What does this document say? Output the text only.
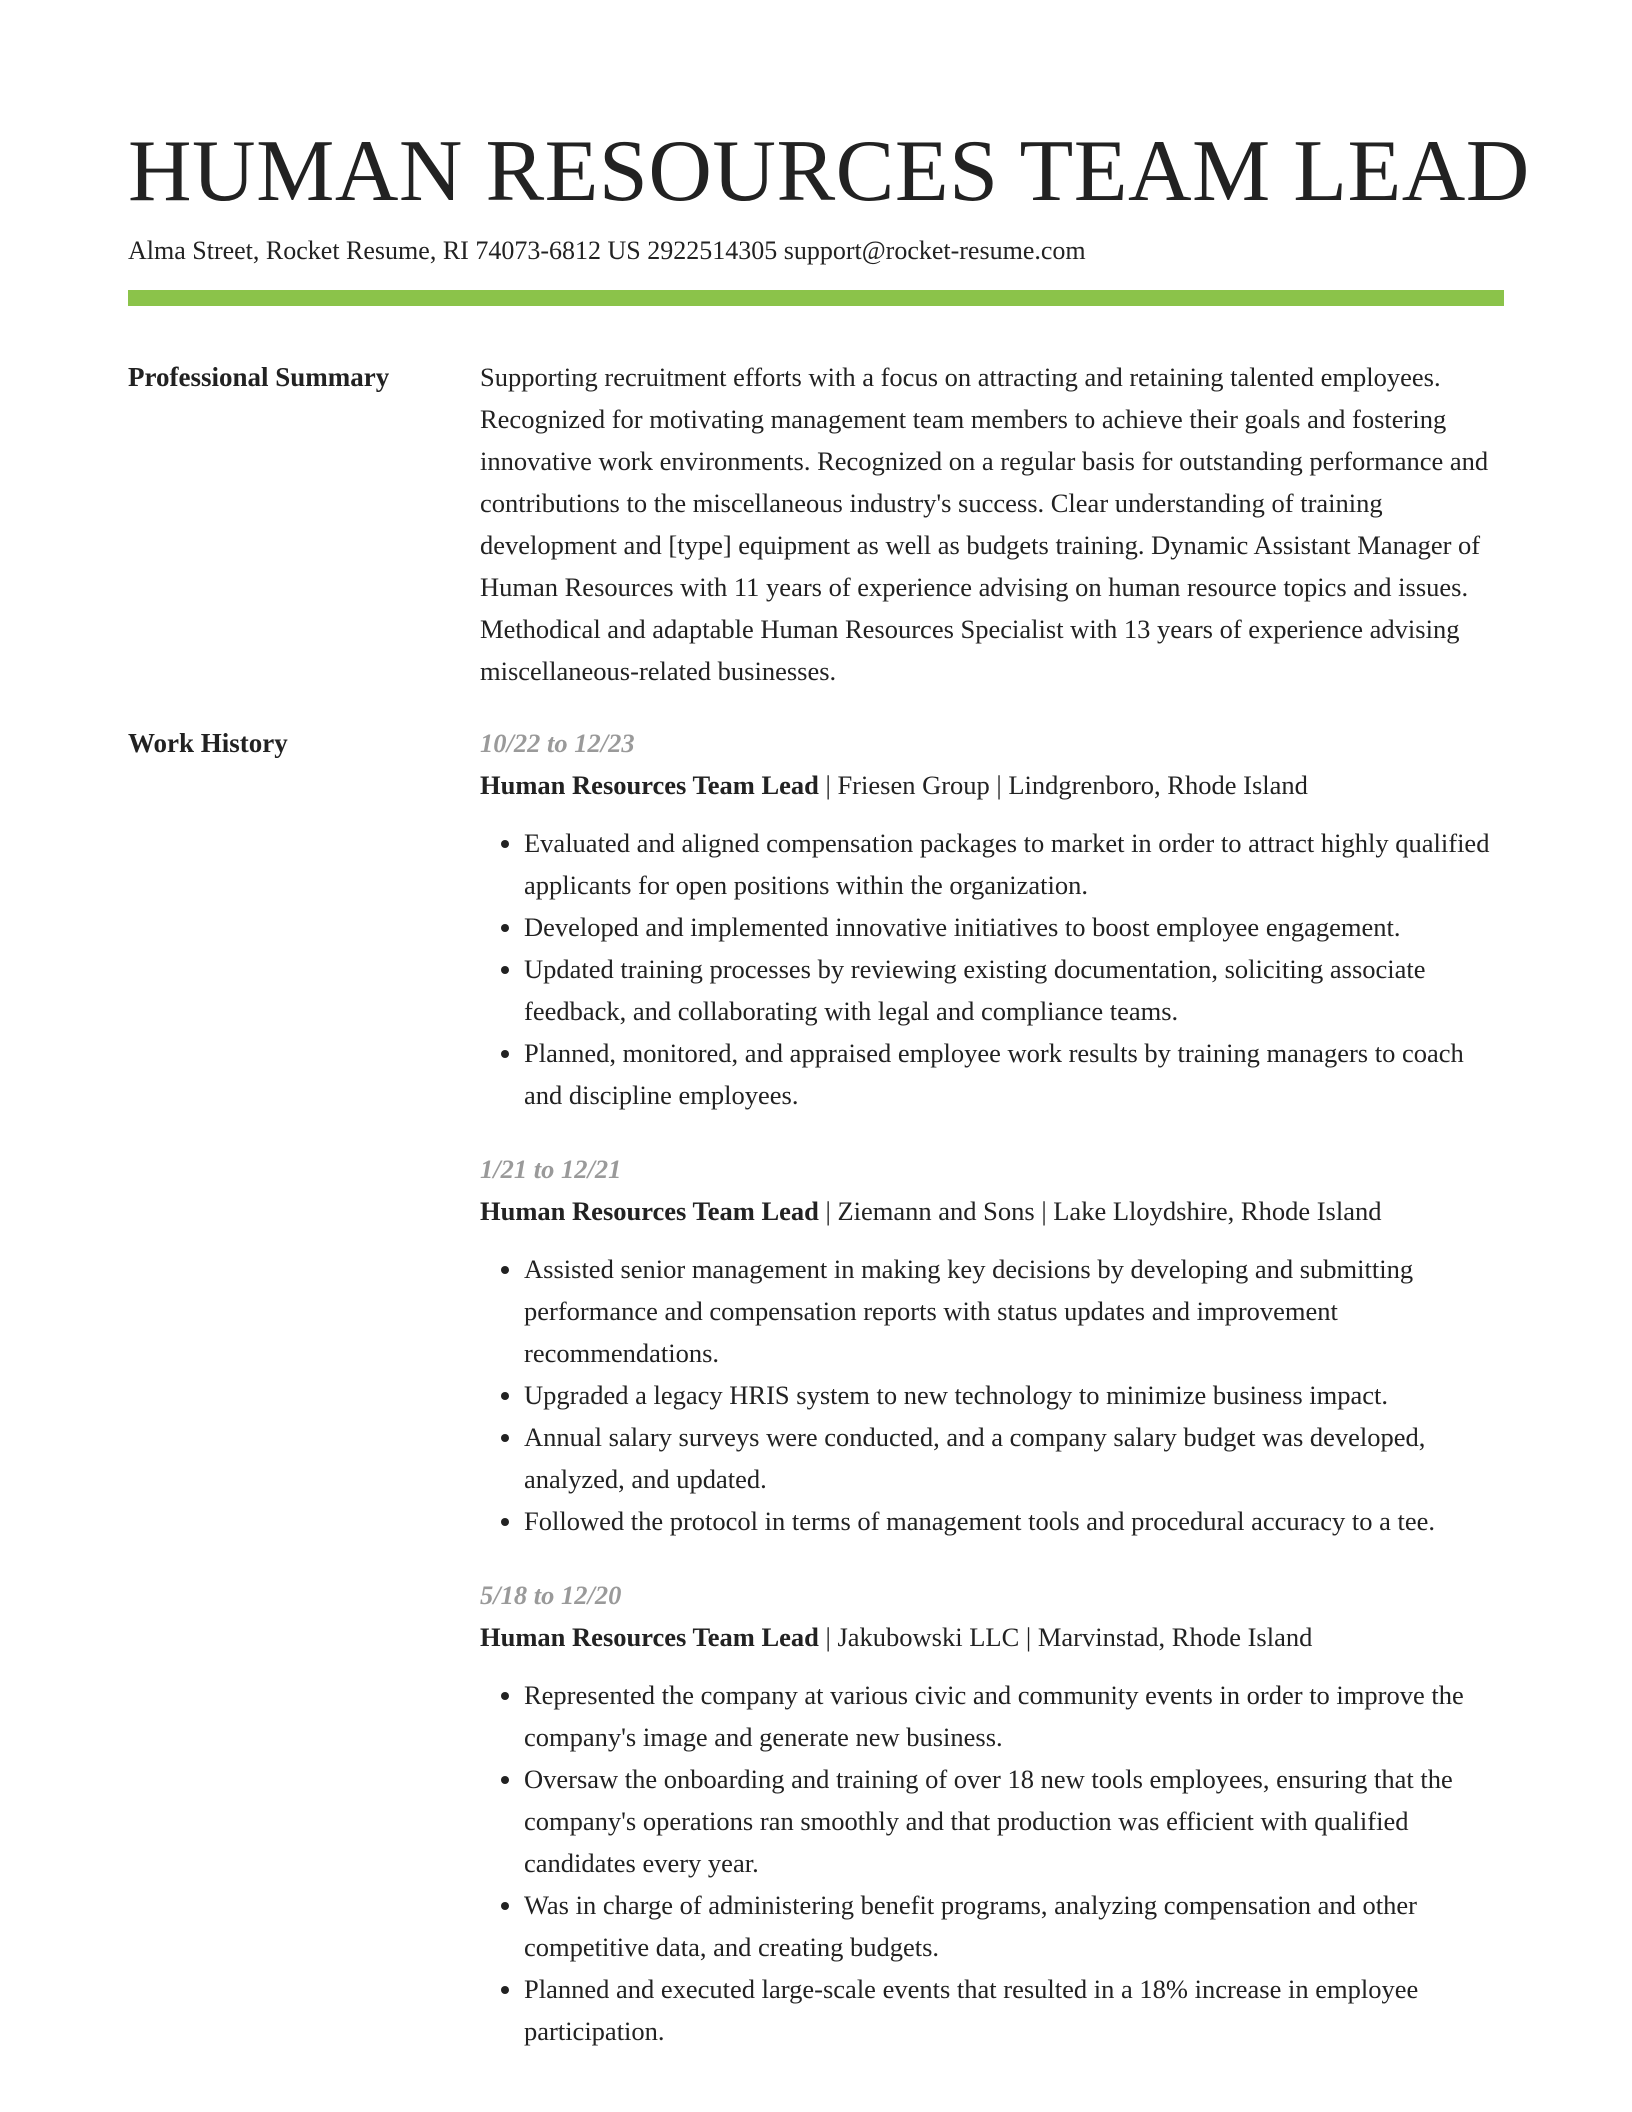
HUMAN RESOURCES TEAM LEAD
Alma Street, Rocket Resume, RI 74073-6812 US 2922514305 support@rocket-resume.com
Professional Summary	Supporting recruitment efforts with a focus on attracting and retaining talented employees. Recognized for motivating management team members to achieve their goals and fostering innovative work environments. Recognized on a regular basis for outstanding performance and contributions to the miscellaneous industry's success. Clear understanding of training development and [type] equipment as well as budgets training. Dynamic Assistant Manager of Human Resources with 11 years of experience advising on human resource topics and issues. Methodical and adaptable Human Resources Specialist with 13 years of experience advising miscellaneous-related businesses.
Work History	10/22 to 12/23
Human Resources Team Lead | Friesen Group | Lindgrenboro, Rhode Island
• Evaluated and aligned compensation packages to market in order to attract highly qualified applicants for open positions within the organization.
• Developed and implemented innovative initiatives to boost employee engagement.
• Updated training processes by reviewing existing documentation, soliciting associate feedback, and collaborating with legal and compliance teams.
• Planned, monitored, and appraised employee work results by training managers to coach and discipline employees.
1/21 to 12/21
Human Resources Team Lead | Ziemann and Sons | Lake Lloydshire, Rhode Island
• Assisted senior management in making key decisions by developing and submitting performance and compensation reports with status updates and improvement recommendations.
• Upgraded a legacy HRIS system to new technology to minimize business impact.
• Annual salary surveys were conducted, and a company salary budget was developed, analyzed, and updated.
• Followed the protocol in terms of management tools and procedural accuracy to a tee.
5/18 to 12/20
Human Resources Team Lead | Jakubowski LLC | Marvinstad, Rhode Island
• Represented the company at various civic and community events in order to improve the company's image and generate new business.
• Oversaw the onboarding and training of over 18 new tools employees, ensuring that the company's operations ran smoothly and that production was efficient with qualified candidates every year.
• Was in charge of administering benefit programs, analyzing compensation and other competitive data, and creating budgets.
• Planned and executed large-scale events that resulted in a 18% increase in employee participation.
